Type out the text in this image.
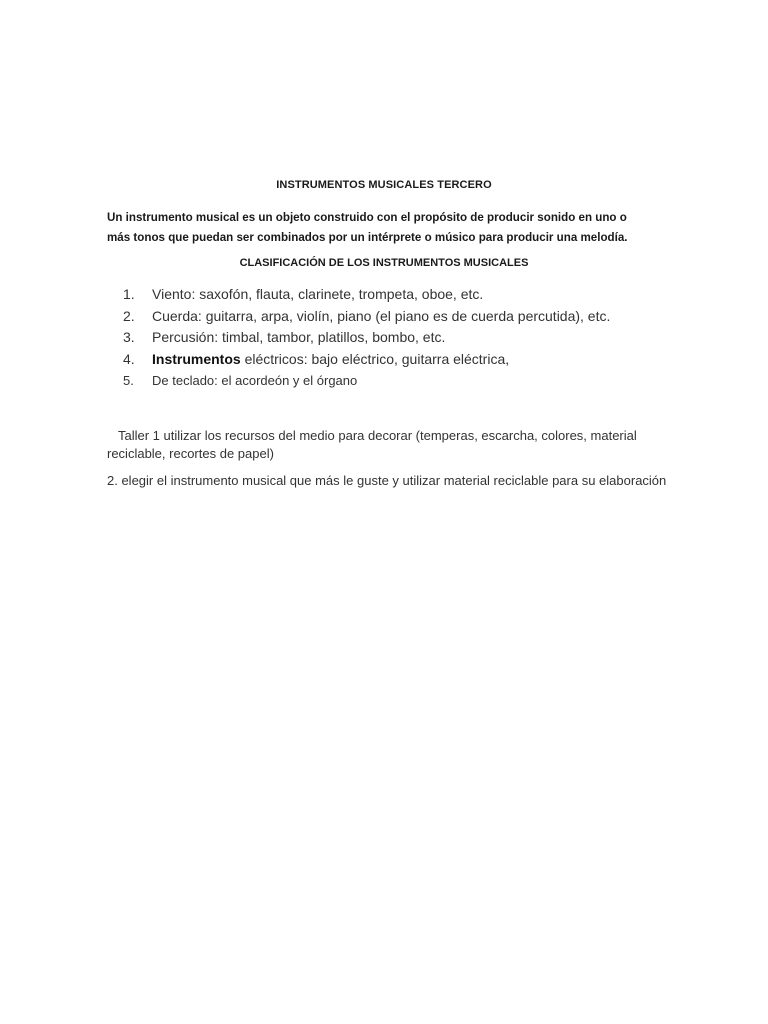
INSTRUMENTOS MUSICALES TERCERO

Un instrumento musical es un objeto construido con el propósito de producir sonido en uno o más tonos que puedan ser combinados por un intérprete o músico para producir una melodía.

CLASIFICACIÓN DE LOS INSTRUMENTOS MUSICALES
1. Viento: saxofón, flauta, clarinete, trompeta, oboe, etc.
2. Cuerda: guitarra, arpa, violín, piano (el piano es de cuerda percutida), etc.
3. Percusión: timbal, tambor, platillos, bombo, etc.
4. Instrumentos eléctricos: bajo eléctrico, guitarra eléctrica,
5. De teclado: el acordeón y el órgano

Taller 1 utilizar los recursos del medio para decorar (temperas, escarcha, colores, material reciclable, recortes de papel)

2. elegir el instrumento musical que más le guste y utilizar material reciclable para su elaboración
